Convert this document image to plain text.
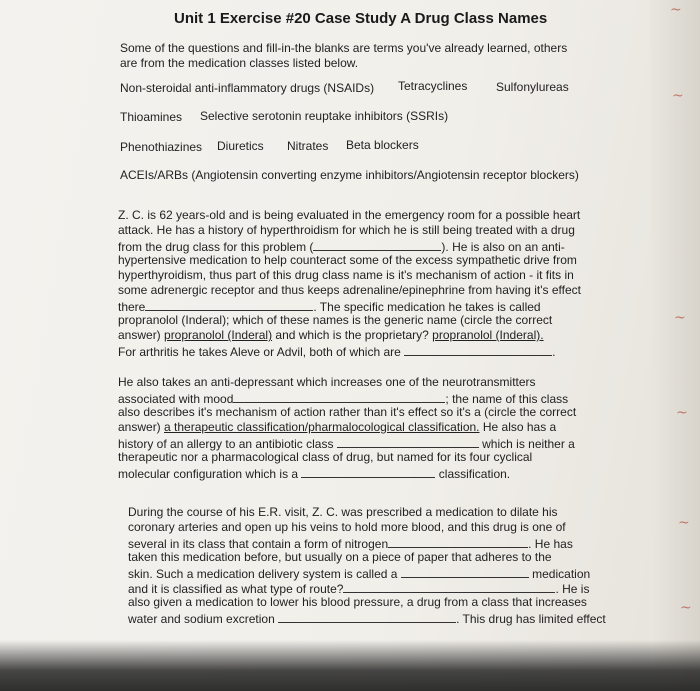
Unit 1 Exercise #20 Case Study A Drug Class Names
Some of the questions and fill-in-the blanks are terms you've already learned, others
are from the medication classes listed below.
Non-steroidal anti-inflammatory drugs (NSAIDs) Tetracyclines Sulfonylureas
Thioamines Selective serotonin reuptake inhibitors (SSRIs)
Phenothiazines Diuretics Nitrates Beta blockers
ACEIs/ARBs (Angiotensin converting enzyme inhibitors/Angiotensin receptor blockers)
Z. C. is 62 years-old and is being evaluated in the emergency room for a possible heart
attack. He has a history of hyperthroidism for which he is still being treated with a drug
from the drug class for this problem (	). He is also on an anti-
hypertensive medication to help counteract some of the excess sympathetic drive from
hyperthyroidism, thus part of this drug class name is it's mechanism of action - it fits in
some adrenergic receptor and thus keeps adrenaline/epinephrine from having it's effect
there	. The specific medication he takes is called
propranolol (Inderal); which of these names is the generic name (circle the correct
answer) propranolol (Inderal) and which is the proprietary? propranolol (Inderal).
For arthritis he takes Aleve or Advil, both of which are	.
He also takes an anti-depressant which increases one of the neurotransmitters
associated with mood	; the name of this class
also describes it's mechanism of action rather than it's effect so it's a (circle the correct
answer) a therapeutic classification/pharmalocological classification. He also has a
history of an allergy to an antibiotic class	which is neither a
therapeutic nor a pharmacological class of drug, but named for its four cyclical
molecular configuration which is a	classification.
During the course of his E.R. visit, Z. C. was prescribed a medication to dilate his
coronary arteries and open up his veins to hold more blood, and this drug is one of
several in its class that contain a form of nitrogen	. He has
taken this medication before, but usually on a piece of paper that adheres to the
skin. Such a medication delivery system is called a	medication
and it is classified as what type of route?	. He is
also given a medication to lower his blood pressure, a drug from a class that increases
water and sodium excretion	. This drug has limited effect
~
~
~
~
~
~
